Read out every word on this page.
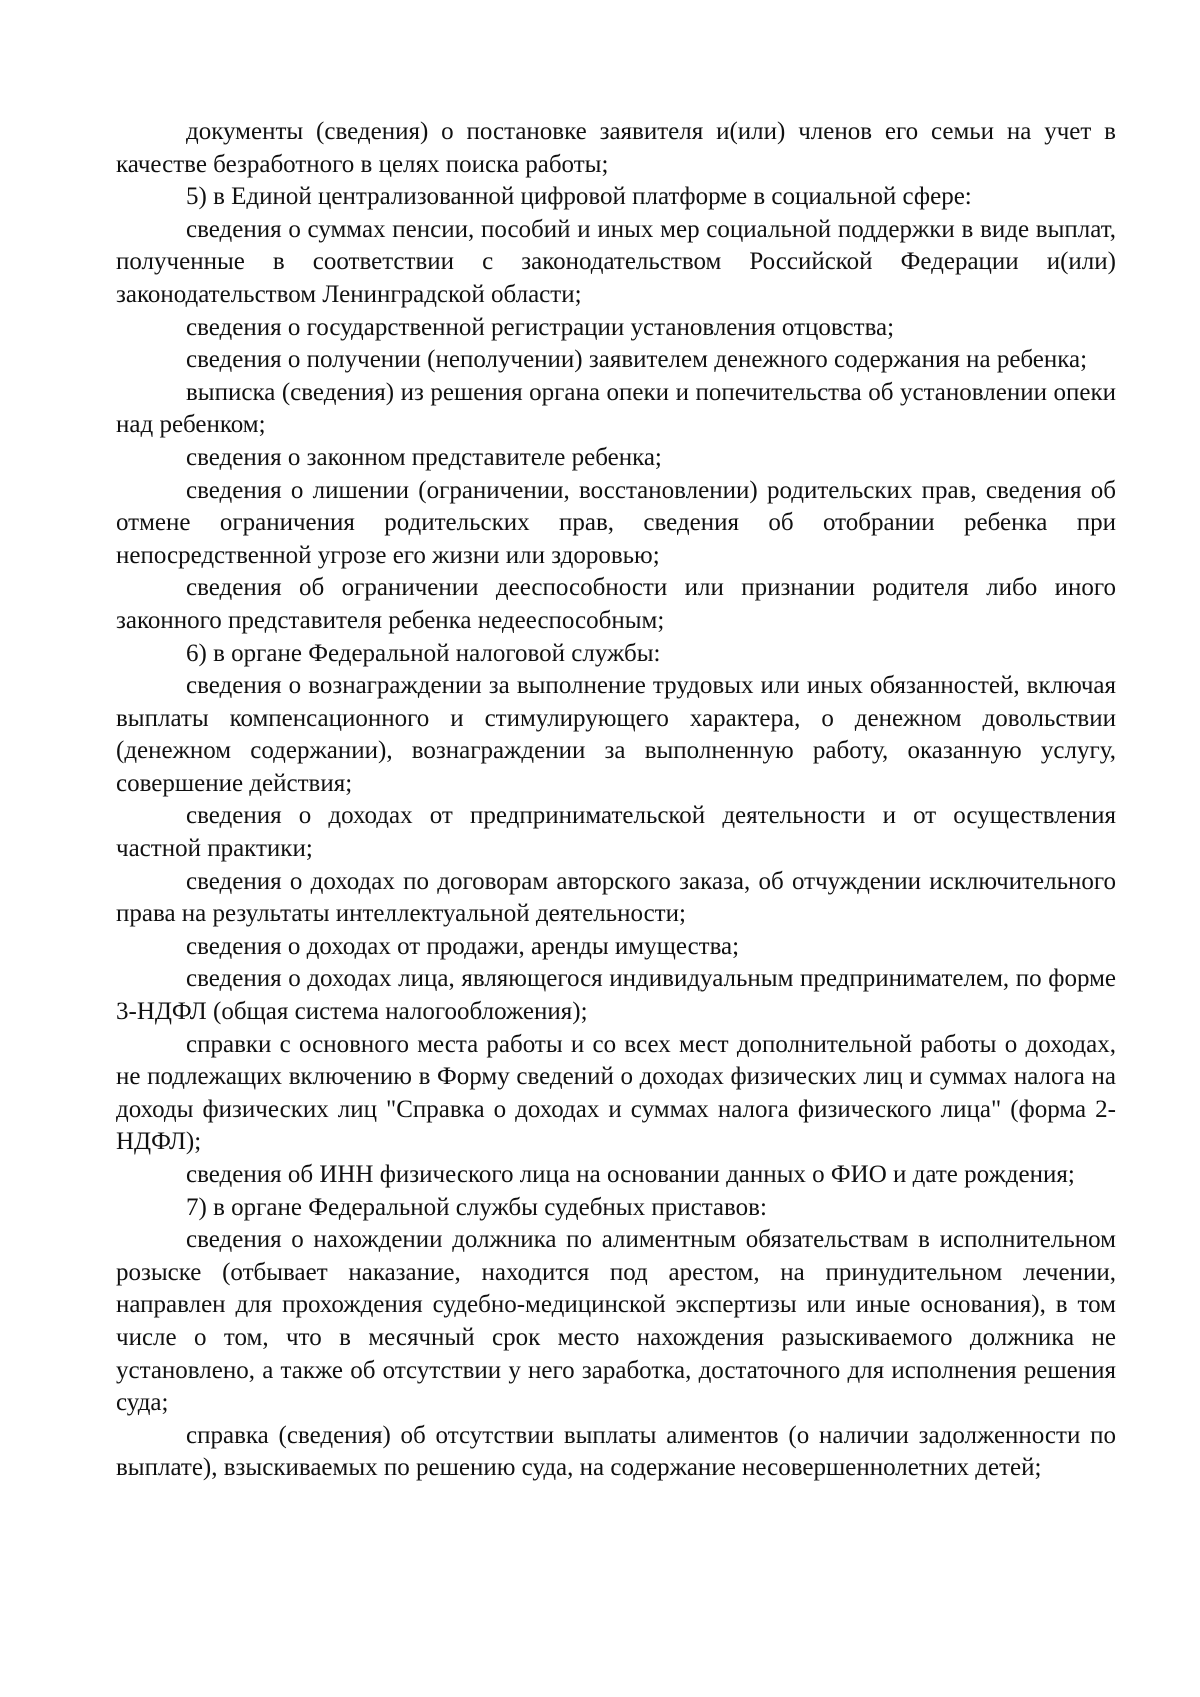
документы (сведения) о постановке заявителя и(или) членов его семьи на учет в качестве безработного в целях поиска работы;

5) в Единой централизованной цифровой платформе в социальной сфере:

сведения о суммах пенсии, пособий и иных мер социальной поддержки в виде выплат, полученные в соответствии с законодательством Российской Федерации и(или) законодательством Ленинградской области;

сведения о государственной регистрации установления отцовства;

сведения о получении (неполучении) заявителем денежного содержания на ребенка;

выписка (сведения) из решения органа опеки и попечительства об установлении опеки над ребенком;

сведения о законном представителе ребенка;

сведения о лишении (ограничении, восстановлении) родительских прав, сведения об отмене ограничения родительских прав, сведения об отобрании ребенка при непосредственной угрозе его жизни или здоровью;

сведения об ограничении дееспособности или признании родителя либо иного законного представителя ребенка недееспособным;

6) в органе Федеральной налоговой службы:

сведения о вознаграждении за выполнение трудовых или иных обязанностей, включая выплаты компенсационного и стимулирующего характера, о денежном довольствии (денежном содержании), вознаграждении за выполненную работу, оказанную услугу, совершение действия;

сведения о доходах от предпринимательской деятельности и от осуществления частной практики;

сведения о доходах по договорам авторского заказа, об отчуждении исключительного права на результаты интеллектуальной деятельности;

сведения о доходах от продажи, аренды имущества;

сведения о доходах лица, являющегося индивидуальным предпринимателем, по форме 3-НДФЛ (общая система налогообложения);

справки с основного места работы и со всех мест дополнительной работы о доходах, не подлежащих включению в Форму сведений о доходах физических лиц и суммах налога на доходы физических лиц "Справка о доходах и суммах налога физического лица" (форма 2-НДФЛ);

сведения об ИНН физического лица на основании данных о ФИО и дате рождения;

7) в органе Федеральной службы судебных приставов:

сведения о нахождении должника по алиментным обязательствам в исполнительном розыске (отбывает наказание, находится под арестом, на принудительном лечении, направлен для прохождения судебно-медицинской экспертизы или иные основания), в том числе о том, что в месячный срок место нахождения разыскиваемого должника не установлено, а также об отсутствии у него заработка, достаточного для исполнения решения суда;

справка (сведения) об отсутствии выплаты алиментов (о наличии задолженности по выплате), взыскиваемых по решению суда, на содержание несовершеннолетних детей;
